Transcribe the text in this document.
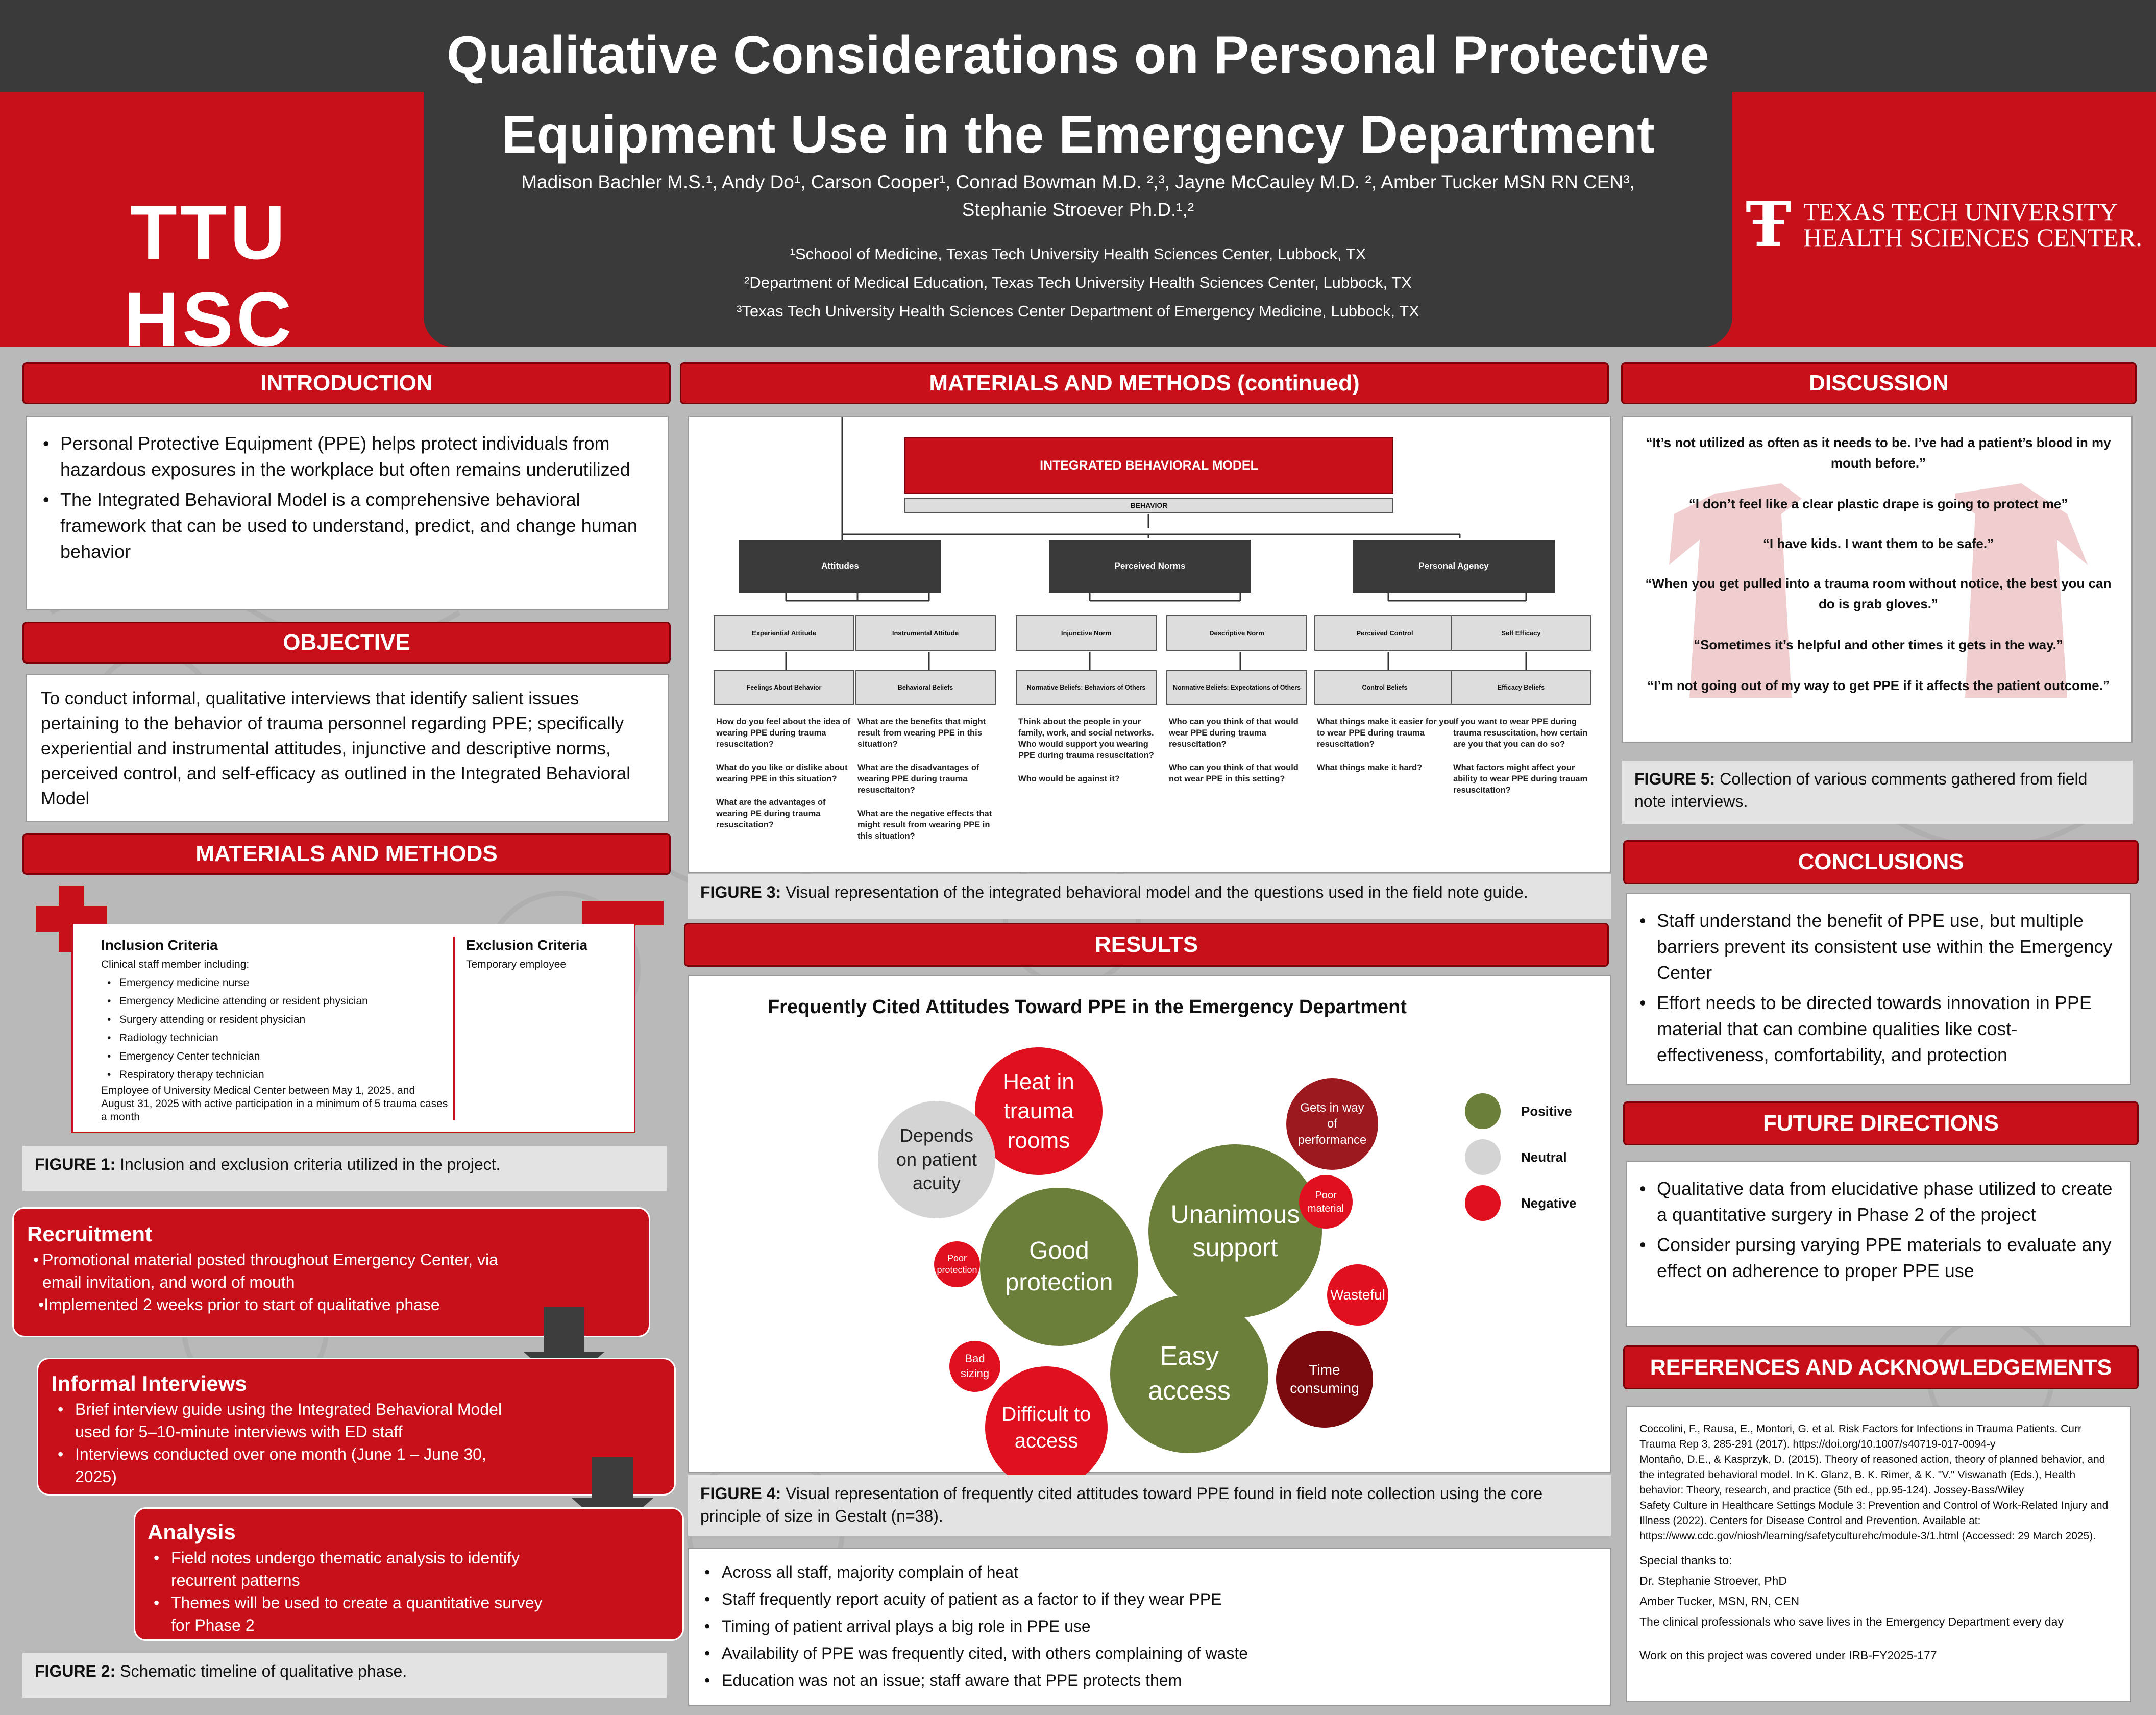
Qualitative Considerations on Personal Protective
Equipment Use in the Emergency Department
Madison Bachler M.S.¹, Andy Do¹, Carson Cooper¹, Conrad Bowman M.D. ²,³, Jayne McCauley M.D. ², Amber Tucker MSN RN CEN³,
Stephanie Stroever Ph.D.¹,²
¹Schoool of Medicine, Texas Tech University Health Sciences Center, Lubbock, TX
²Department of Medical Education, Texas Tech University Health Sciences Center, Lubbock, TX
³Texas Tech University Health Sciences Center Department of Emergency Medicine, Lubbock, TX
TTU HSC
Ŧ TEXAS TECH UNIVERSITY
HEALTH SCIENCES CENTER.
INTRODUCTION
• Personal Protective Equipment (PPE) helps protect individuals from hazardous exposures in the workplace but often remains underutilized
• The Integrated Behavioral Model is a comprehensive behavioral framework that can be used to understand, predict, and change human behavior
OBJECTIVE
To conduct informal, qualitative interviews that identify salient issues pertaining to the behavior of trauma personnel regarding PPE; specifically experiential and instrumental attitudes, injunctive and descriptive norms, perceived control, and self-efficacy as outlined in the Integrated Behavioral Model
MATERIALS AND METHODS
Inclusion Criteria
Clinical staff member including:
• Emergency medicine nurse
• Emergency Medicine attending or resident physician
• Surgery attending or resident physician
• Radiology technician
• Emergency Center technician
• Respiratory therapy technician
Employee of University Medical Center between May 1, 2025, and August 31, 2025 with active participation in a minimum of 5 trauma cases a month
Exclusion Criteria
Temporary employee
FIGURE 1: Inclusion and exclusion criteria utilized in the project.
Recruitment
• Promotional material posted throughout Emergency Center, via email invitation, and word of mouth
•Implemented 2 weeks prior to start of qualitative phase
Informal Interviews
• Brief interview guide using the Integrated Behavioral Model used for 5–10-minute interviews with ED staff
• Interviews conducted over one month (June 1 – June 30, 2025)
Analysis
• Field notes undergo thematic analysis to identify recurrent patterns
• Themes will be used to create a quantitative survey for Phase 2
FIGURE 2: Schematic timeline of qualitative phase.
MATERIALS AND METHODS (continued)
INTEGRATED BEHAVIORAL MODEL
BEHAVIOR
Attitudes	Perceived Norms	Personal Agency
Experiential Attitude	Instrumental Attitude	Injunctive Norm	Descriptive Norm	Perceived Control	Self Efficacy
Feelings About Behavior	Behavioral Beliefs	Normative Beliefs: Behaviors of Others	Normative Beliefs: Expectations of Others	Control Beliefs	Efficacy Beliefs
How do you feel about the idea of wearing PPE during trauma resuscitation?
What do you like or dislike about wearing PPE in this situation?
What are the advantages of wearing PE during trauma resuscitation?
What are the benefits that might result from wearing PPE in this situation?
What are the disadvantages of wearing PPE during trauma resuscitaiton?
What are the negative effects that might result from wearing PPE in this situation?
Think about the people in your family, work, and social networks. Who would support you wearing PPE during trauma resuscitation?
Who would be against it?
Who can you think of that would wear PPE during trauma resuscitation?
Who can you think of that would not wear PPE in this setting?
What things make it easier for you to wear PPE during trauma resuscitation?
What things make it hard?
If you want to wear PPE during trauma resuscitation, how certain are you that you can do so?
What factors might affect your ability to wear PPE during trauam resuscitation?
FIGURE 3: Visual representation of the integrated behavioral model and the questions used in the field note guide.
RESULTS
Frequently Cited Attitudes Toward PPE in the Emergency Department
Heat in trauma rooms
Depends on patient acuity
Gets in way of performance
Unanimous support
Good protection
Poor material
Poor protection
Wasteful
Easy access
Time consuming
Bad sizing
Difficult to access
Positive
Neutral
Negative
FIGURE 4: Visual representation of frequently cited attitudes toward PPE found in field note collection using the core principle of size in Gestalt (n=38).
• Across all staff, majority complain of heat
• Staff frequently report acuity of patient as a factor to if they wear PPE
• Timing of patient arrival plays a big role in PPE use
• Availability of PPE was frequently cited, with others complaining of waste
• Education was not an issue; staff aware that PPE protects them
DISCUSSION
“It’s not utilized as often as it needs to be. I’ve had a patient’s blood in my mouth before.”
“I don’t feel like a clear plastic drape is going to protect me”
“I have kids. I want them to be safe.”
“When you get pulled into a trauma room without notice, the best you can do is grab gloves.”
“Sometimes it’s helpful and other times it gets in the way.”
“I’m not going out of my way to get PPE if it affects the patient outcome.”
FIGURE 5: Collection of various comments gathered from field note interviews.
CONCLUSIONS
• Staff understand the benefit of PPE use, but multiple barriers prevent its consistent use within the Emergency Center
• Effort needs to be directed towards innovation in PPE material that can combine qualities like cost-effectiveness, comfortability, and protection
FUTURE DIRECTIONS
• Qualitative data from elucidative phase utilized to create a quantitative surgery in Phase 2 of the project
• Consider pursing varying PPE materials to evaluate any effect on adherence to proper PPE use
REFERENCES AND ACKNOWLEDGEMENTS
Coccolini, F., Rausa, E., Montori, G. et al. Risk Factors for Infections in Trauma Patients. Curr Trauma Rep 3, 285-291 (2017). https://doi.org/10.1007/s40719-017-0094-y
Montaño, D.E., & Kasprzyk, D. (2015). Theory of reasoned action, theory of planned behavior, and the integrated behavioral model. In K. Glanz, B. K. Rimer, & K. "V." Viswanath (Eds.), Health behavior: Theory, research, and practice (5th ed., pp.95-124). Jossey-Bass/Wiley
Safety Culture in Healthcare Settings Module 3: Prevention and Control of Work-Related Injury and Illness (2022). Centers for Disease Control and Prevention. Available at: https://www.cdc.gov/niosh/learning/safetyculturehc/module-3/1.html (Accessed: 29 March 2025).
Special thanks to:
Dr. Stephanie Stroever, PhD
Amber Tucker, MSN, RN, CEN
The clinical professionals who save lives in the Emergency Department every day
Work on this project was covered under IRB-FY2025-177
